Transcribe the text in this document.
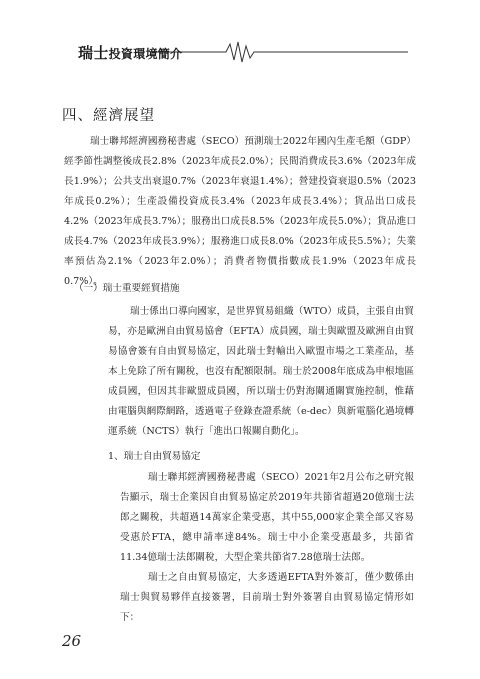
瑞士投資環境簡介
四、經濟展望
瑞士聯邦經濟國務秘書處（SECO）預測瑞士2022年國內生產毛額（GDP）經季節性調整後成長2.8%（2023年成長2.0%）；民間消費成長3.6%（2023年成長1.9%）；公共支出衰退0.7%（2023年衰退1.4%）；營建投資衰退0.5%（2023年成長0.2%）；生產設備投資成長3.4%（2023年成長3.4%）；貨品出口成長4.2%（2023年成長3.7%）；服務出口成長8.5%（2023年成長5.0%）；貨品進口成長4.7%（2023年成長3.9%）；服務進口成長8.0%（2023年成長5.5%）；失業率預估為2.1%（2023年2.0%）；消費者物價指數成長1.9%（2023年成長0.7%）。
（一）瑞士重要經貿措施
瑞士係出口導向國家，是世界貿易組織（WTO）成員，主張自由貿易，亦是歐洲自由貿易協會（EFTA）成員國，瑞士與歐盟及歐洲自由貿易協會簽有自由貿易協定，因此瑞士對輸出入歐盟市場之工業產品，基本上免除了所有關稅，也沒有配額限制。瑞士於2008年底成為申根地區成員國，但因其非歐盟成員國，所以瑞士仍對海關通關實施控制，惟藉由電腦與網際網路，透過電子登錄查證系統（e-dec）與新電腦化過境轉運系統（NCTS）執行「進出口報關自動化」。
1、瑞士自由貿易協定
瑞士聯邦經濟國務秘書處（SECO）2021年2月公布之研究報告顯示，瑞士企業因自由貿易協定於2019年共節省超過20億瑞士法郎之關稅，共超過14萬家企業受惠，其中55,000家企業全部又容易受惠於FTA，總申請率達84%。瑞士中小企業受惠最多，共節省11.34億瑞士法郎關稅，大型企業共節省7.28億瑞士法郎。
瑞士之自由貿易協定，大多透過EFTA對外簽訂，僅少數係由瑞士與貿易夥伴直接簽署，目前瑞士對外簽署自由貿易協定情形如下：
26
